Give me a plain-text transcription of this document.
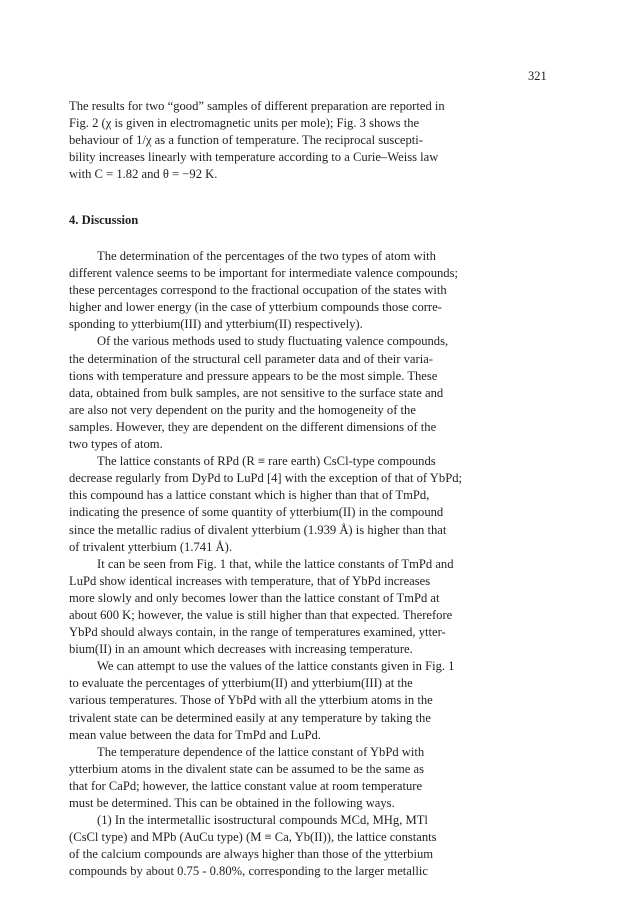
321
The results for two “good” samples of different preparation are reported in
Fig. 2 (χ is given in electromagnetic units per mole); Fig. 3 shows the
behaviour of 1/χ as a function of temperature. The reciprocal suscepti-
bility increases linearly with temperature according to a Curie–Weiss law
with C = 1.82 and θ = −92 K.
4. Discussion
The determination of the percentages of the two types of atom with
different valence seems to be important for intermediate valence compounds;
these percentages correspond to the fractional occupation of the states with
higher and lower energy (in the case of ytterbium compounds those corre-
sponding to ytterbium(III) and ytterbium(II) respectively).
Of the various methods used to study fluctuating valence compounds,
the determination of the structural cell parameter data and of their varia-
tions with temperature and pressure appears to be the most simple. These
data, obtained from bulk samples, are not sensitive to the surface state and
are also not very dependent on the purity and the homogeneity of the
samples. However, they are dependent on the different dimensions of the
two types of atom.
The lattice constants of RPd (R ≡ rare earth) CsCl-type compounds
decrease regularly from DyPd to LuPd [4] with the exception of that of YbPd;
this compound has a lattice constant which is higher than that of TmPd,
indicating the presence of some quantity of ytterbium(II) in the compound
since the metallic radius of divalent ytterbium (1.939 Å) is higher than that
of trivalent ytterbium (1.741 Å).
It can be seen from Fig. 1 that, while the lattice constants of TmPd and
LuPd show identical increases with temperature, that of YbPd increases
more slowly and only becomes lower than the lattice constant of TmPd at
about 600 K; however, the value is still higher than that expected. Therefore
YbPd should always contain, in the range of temperatures examined, ytter-
bium(II) in an amount which decreases with increasing temperature.
We can attempt to use the values of the lattice constants given in Fig. 1
to evaluate the percentages of ytterbium(II) and ytterbium(III) at the
various temperatures. Those of YbPd with all the ytterbium atoms in the
trivalent state can be determined easily at any temperature by taking the
mean value between the data for TmPd and LuPd.
The temperature dependence of the lattice constant of YbPd with
ytterbium atoms in the divalent state can be assumed to be the same as
that for CaPd; however, the lattice constant value at room temperature
must be determined. This can be obtained in the following ways.
(1) In the intermetallic isostructural compounds MCd, MHg, MTl
(CsCl type) and MPb (AuCu type) (M ≡ Ca, Yb(II)), the lattice constants
of the calcium compounds are always higher than those of the ytterbium
compounds by about 0.75 - 0.80%, corresponding to the larger metallic
